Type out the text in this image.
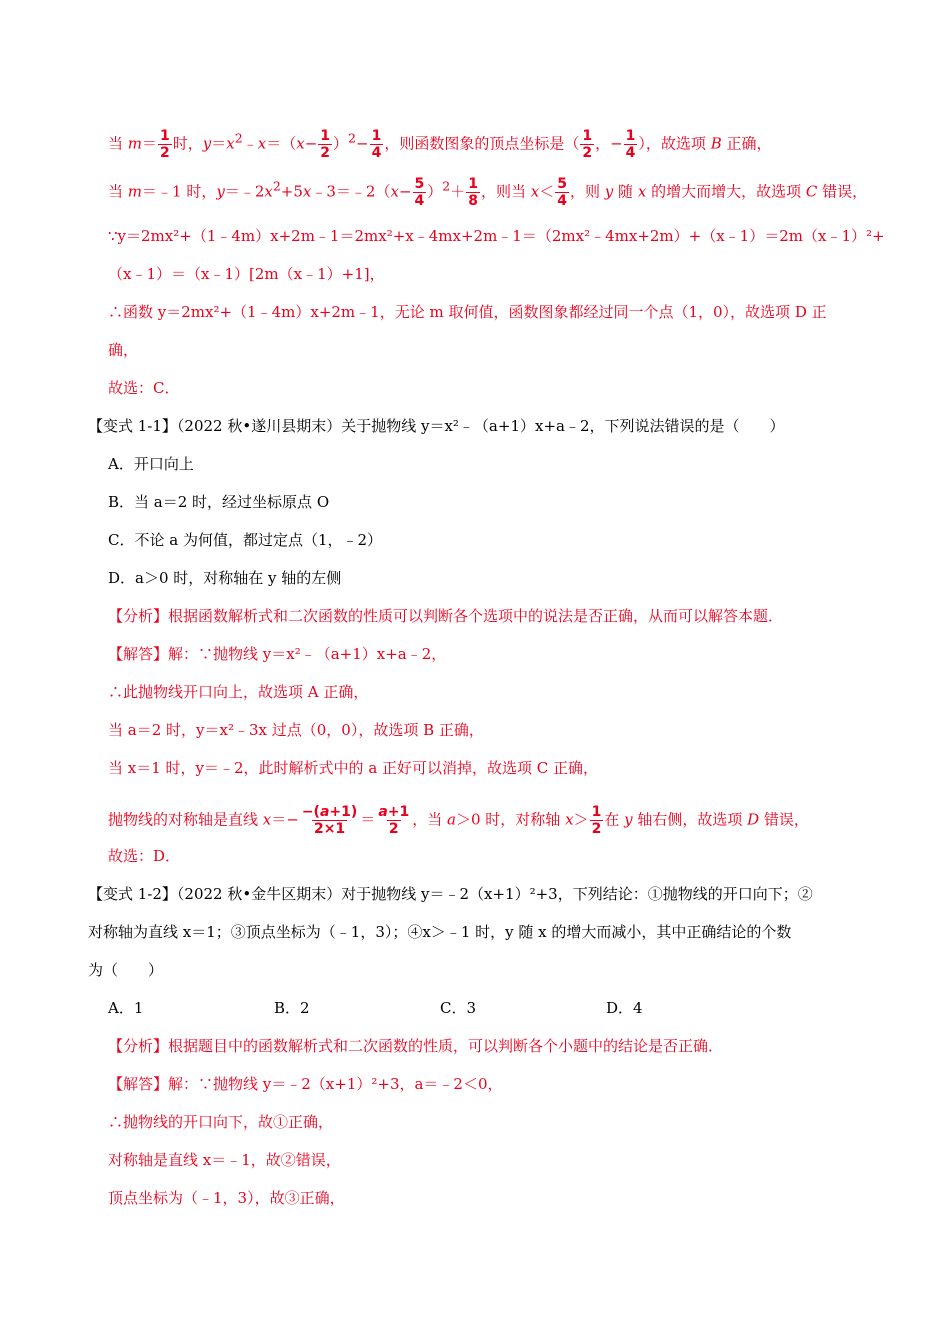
当 $m= \frac{1}{2}$ 时，$y=x^2﹣x=(x- \frac{1}{2} )^2- \frac{1}{4}$ ，则函数图象的顶点坐标是（ $\frac{1}{2}$ ，− $\frac{1}{4}$ ），故选项 B 正确，
当 m＝﹣1 时，$y=﹣2x^2+5x﹣3=﹣2(x- \frac{5}{4} )^2+ \frac{1}{8}$ ，则当 $x< \frac{5}{4}$ ，则 y 随 x 的增大而增大，故选项 C 错误，
∵y＝2mx²+（1﹣4m）x+2m﹣1＝2mx²+x﹣4mx+2m﹣1＝（2mx²﹣4mx+2m）+（x﹣1）＝2m（x﹣1）²+
（x﹣1）＝（x﹣1）[2m（x﹣1）+1]，
∴函数 y＝2mx²+（1﹣4m）x+2m﹣1，无论 m 取何值，函数图象都经过同一个点（1，0），故选项 D 正
确，
故选：C．
【变式 1-1】（2022 秋•遂川县期末）关于抛物线 y＝x²﹣（a+1）x+a﹣2，下列说法错误的是（　　）
A．开口向上
B．当 a＝2 时，经过坐标原点 O
C．不论 a 为何值，都过定点（1，﹣2）
D．a＞0 时，对称轴在 y 轴的左侧
【分析】根据函数解析式和二次函数的性质可以判断各个选项中的说法是否正确，从而可以解答本题．
【解答】解：∵抛物线 y＝x²﹣（a+1）x+a﹣2，
∴此抛物线开口向上，故选项 A 正确，
当 a＝2 时，y＝x²﹣3x 过点（0，0），故选项 B 正确，
当 x＝1 时，y＝﹣2，此时解析式中的 a 正好可以消掉，故选项 C 正确，
抛物线的对称轴是直线 $x=- \frac{-(a+1)}{2\times 1} = \frac{a+1}{2}$ ，当 a＞0 时，对称轴 $x> \frac{1}{2}$ 在 y 轴右侧，故选项 D 错误，
故选：D．
【变式 1-2】（2022 秋•金牛区期末）对于抛物线 y＝﹣2（x+1）²+3，下列结论：①抛物线的开口向下；②
对称轴为直线 x＝1；③顶点坐标为（﹣1，3）；④x＞﹣1 时，y 随 x 的增大而减小，其中正确结论的个数
为（　　）
A．1	B．2	C．3	D．4
【分析】根据题目中的函数解析式和二次函数的性质，可以判断各个小题中的结论是否正确．
【解答】解：∵抛物线 y＝﹣2（x+1）²+3，a＝﹣2＜0，
∴抛物线的开口向下，故①正确，
对称轴是直线 x＝﹣1，故②错误，
顶点坐标为（﹣1，3），故③正确，
